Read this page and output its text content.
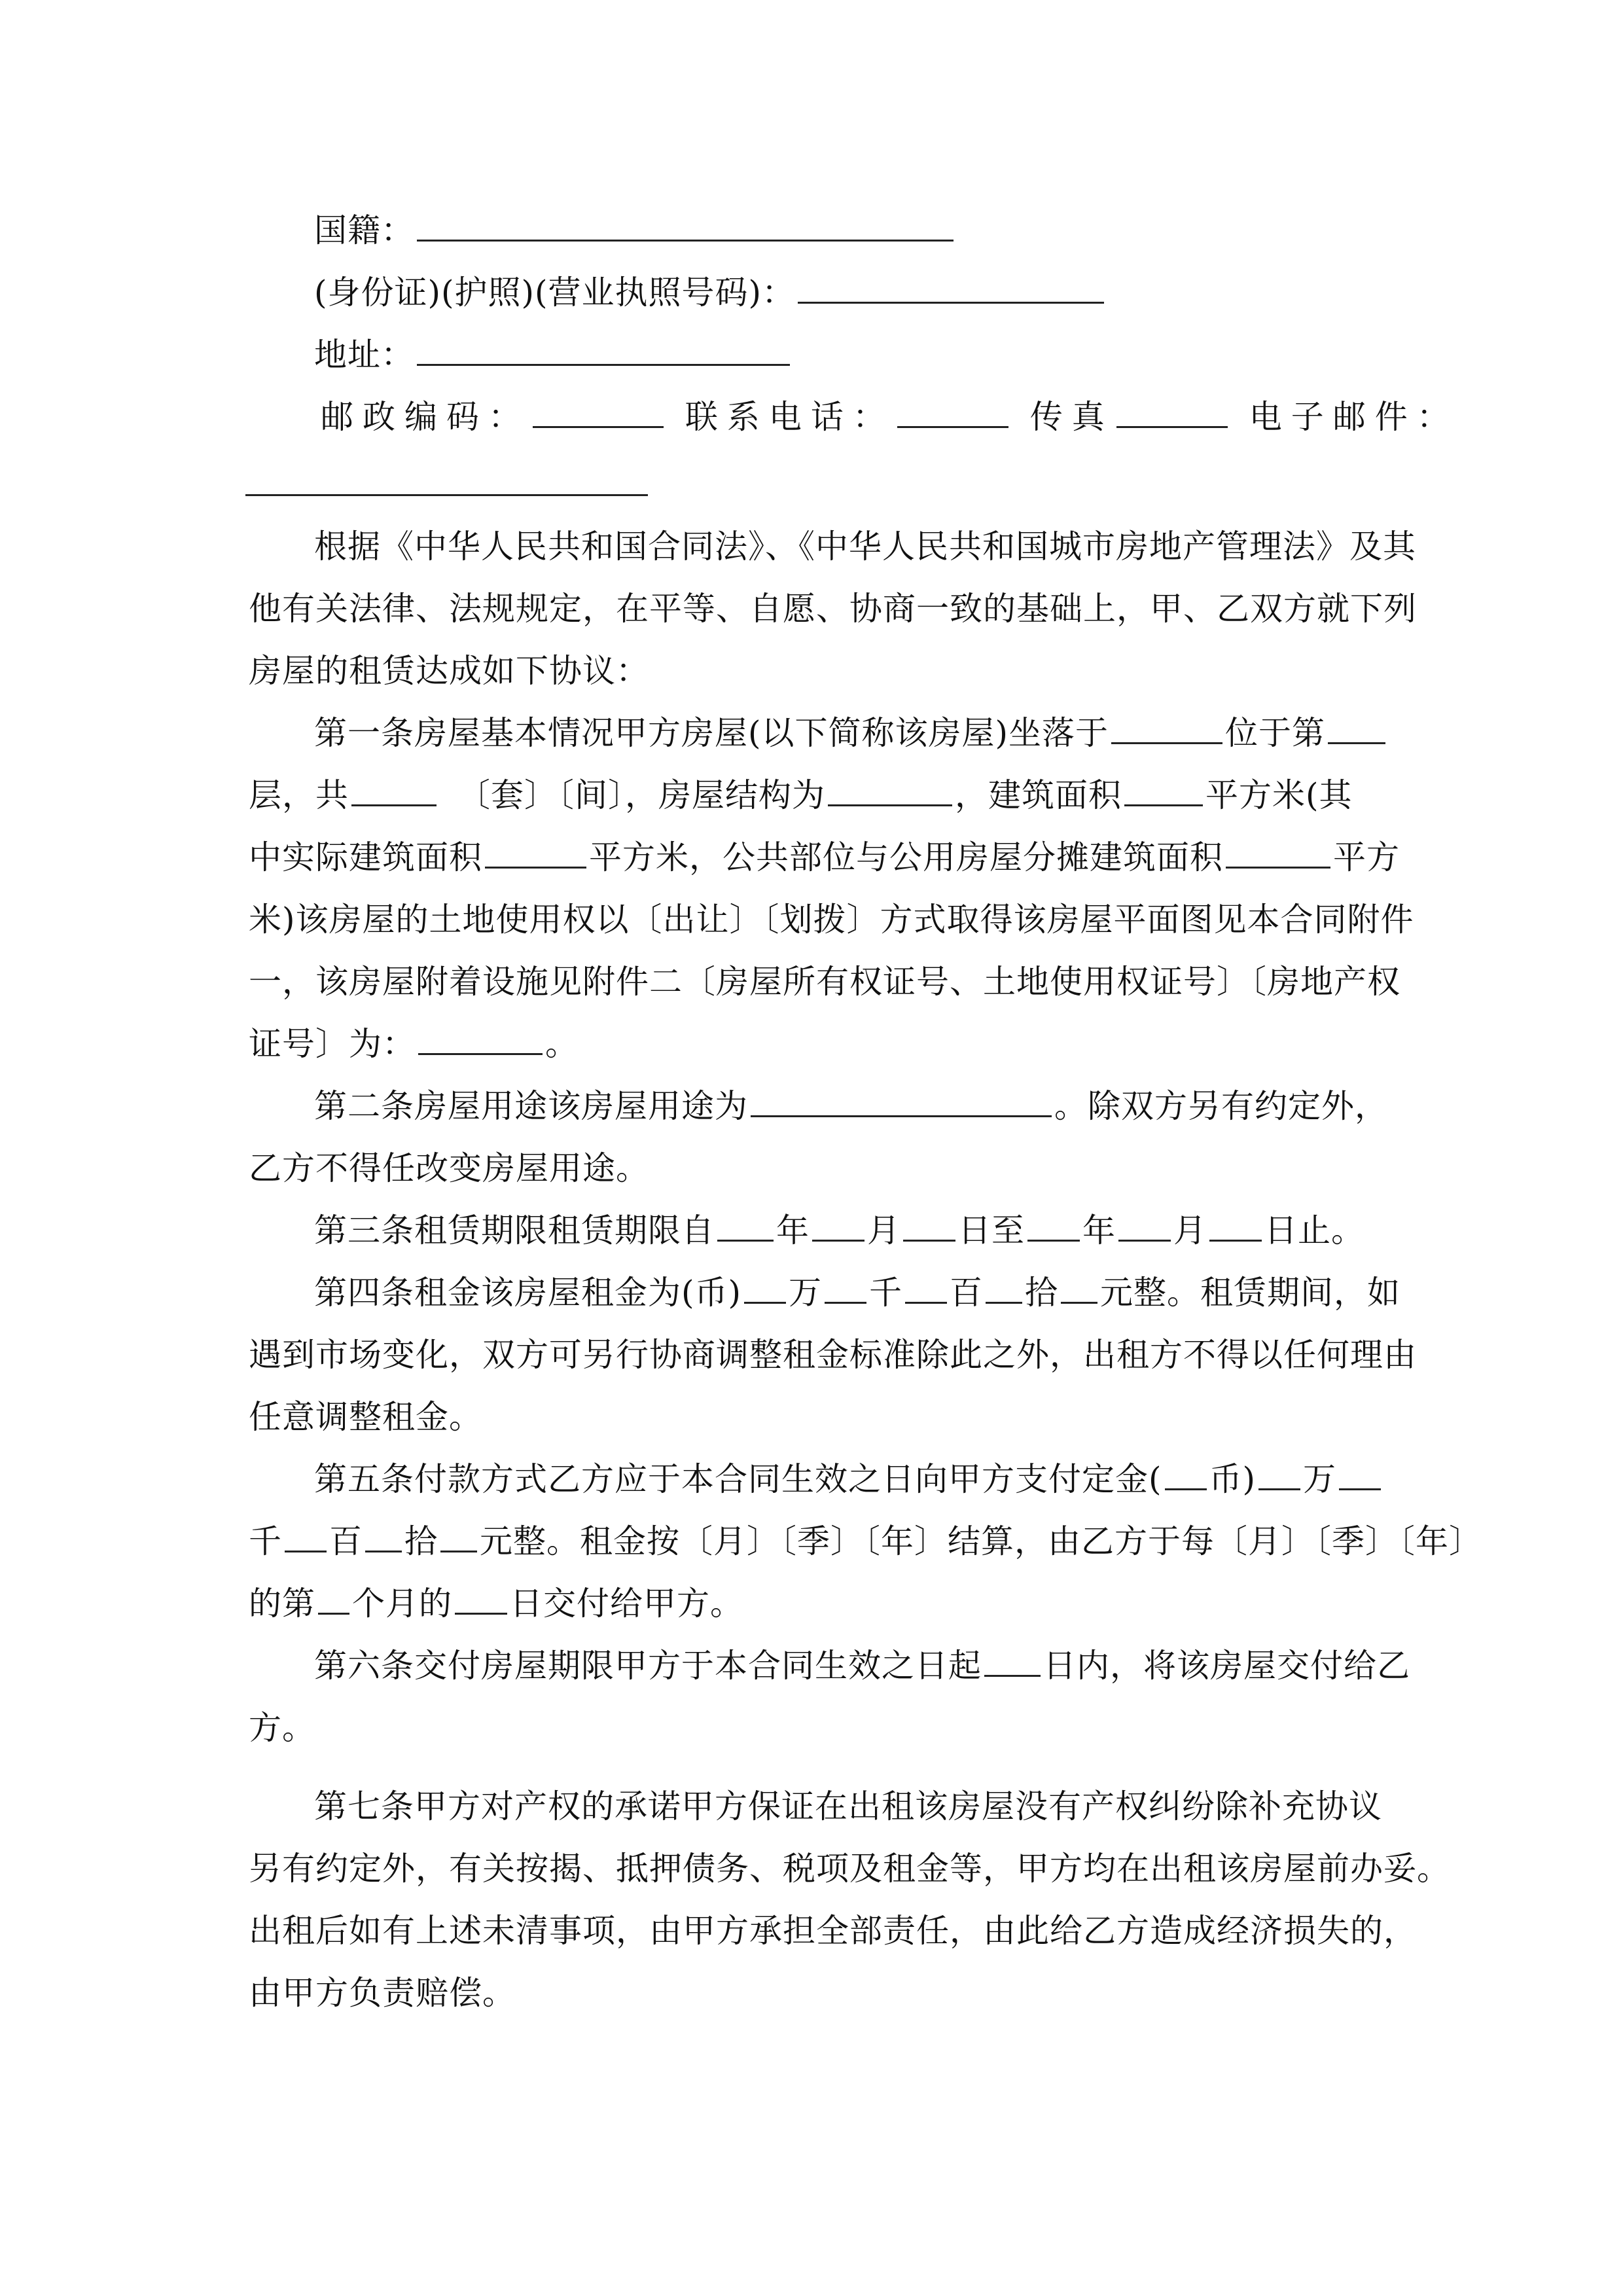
国籍：
(身份证)(护照)(营业执照号码)：
地址：
邮政编码：	联系电话：	传真	电子邮件：
根据《中华人民共和国合同法》、《中华人民共和国城市房地产管理法》及其
他有关法律、法规规定，在平等、自愿、协商一致的基础上，甲、乙双方就下列
房屋的租赁达成如下协议：
第一条房屋基本情况甲方房屋(以下简称该房屋)坐落于	位于第
层，共	〔套〕〔间〕，房屋结构为	，建筑面积	平方米(其
中实际建筑面积	平方米，公共部位与公用房屋分摊建筑面积	平方
米)该房屋的土地使用权以〔出让〕〔划拨〕方式取得该房屋平面图见本合同附件
一，该房屋附着设施见附件二〔房屋所有权证号、土地使用权证号〕〔房地产权
证号〕为：	。
第二条房屋用途该房屋用途为	。除双方另有约定外，
乙方不得任改变房屋用途。
第三条租赁期限租赁期限自 年 月 日至 年 月 日止。
第四条租金该房屋租金为(币) 万 千 百 拾 元整。租赁期间，如
遇到市场变化，双方可另行协商调整租金标准除此之外，出租方不得以任何理由
任意调整租金。
第五条付款方式乙方应于本合同生效之日向甲方支付定金( 币) 万
千 百 拾 元整。租金按〔月〕〔季〕〔年〕结算，由乙方于每〔月〕〔季〕〔年〕
的第 个月的 日交付给甲方。
第六条交付房屋期限甲方于本合同生效之日起 日内，将该房屋交付给乙
方。
第七条甲方对产权的承诺甲方保证在出租该房屋没有产权纠纷除补充协议
另有约定外，有关按揭、抵押债务、税项及租金等，甲方均在出租该房屋前办妥。
出租后如有上述未清事项，由甲方承担全部责任，由此给乙方造成经济损失的，
由甲方负责赔偿。
